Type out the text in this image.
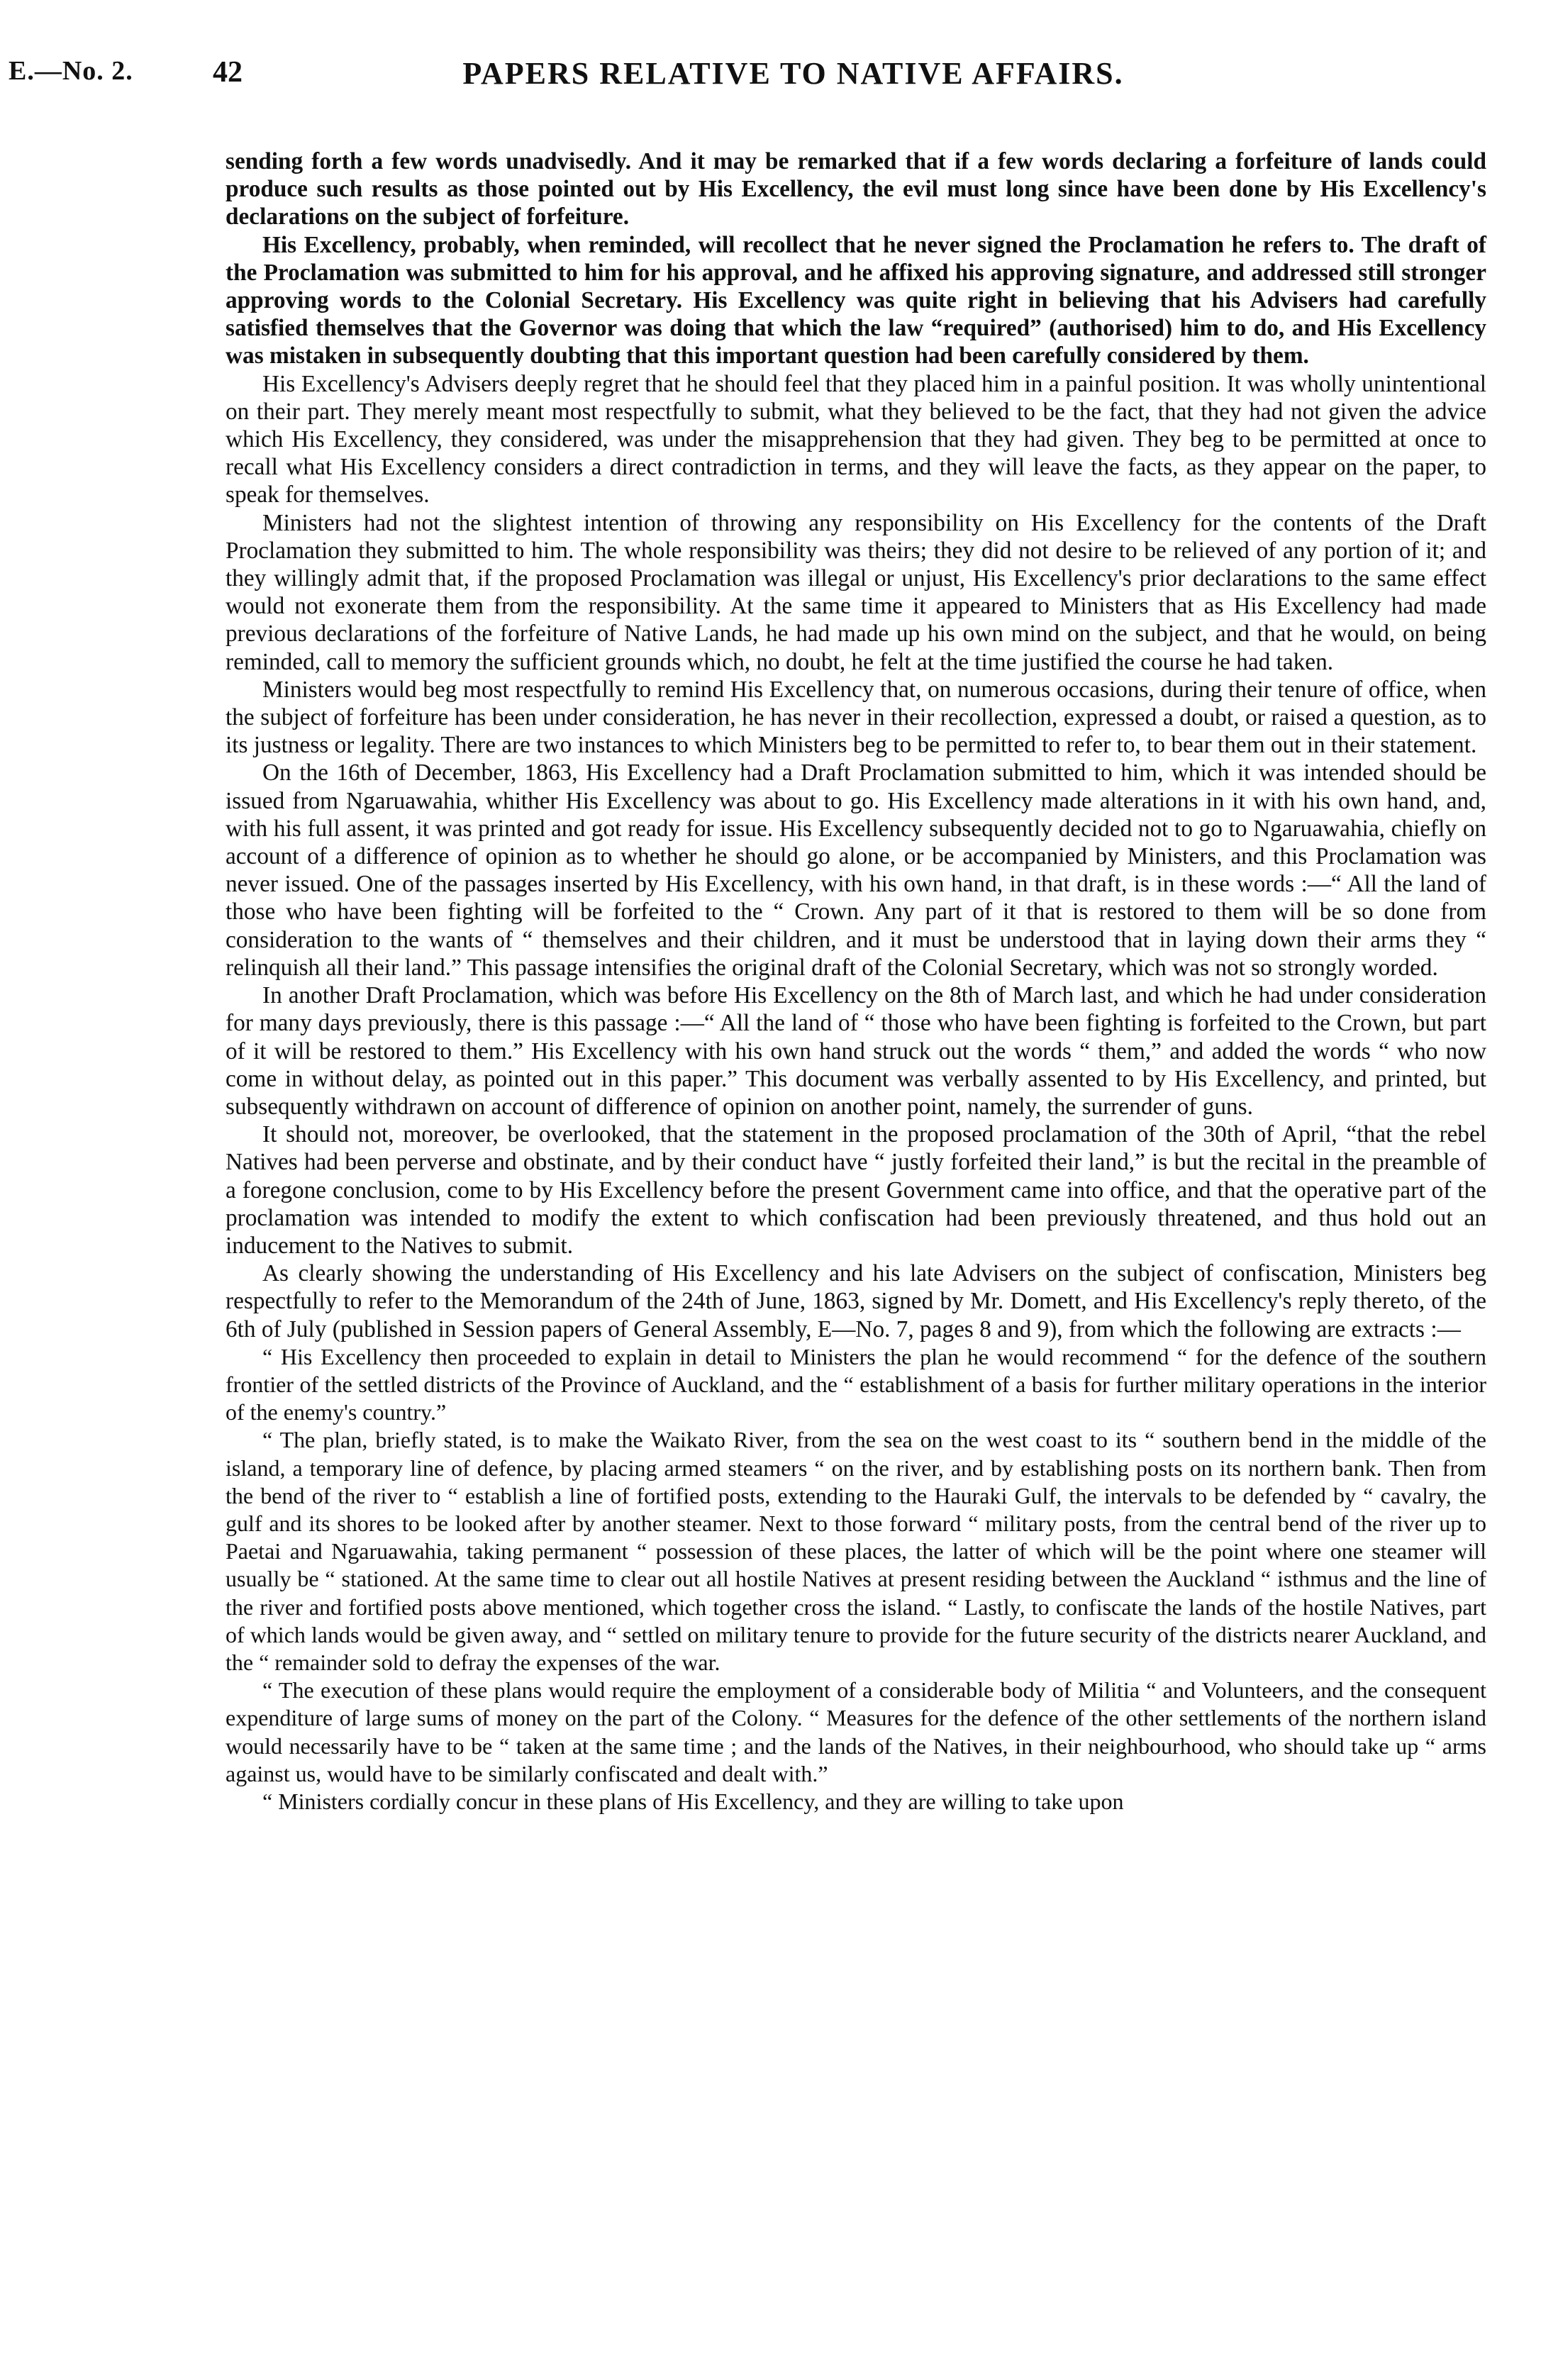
E.—No. 2.	42	PAPERS RELATIVE TO NATIVE AFFAIRS.

sending forth a few words unadvisedly. And it may be remarked that if a few words declaring a forfeiture of lands could produce such results as those pointed out by His Excellency, the evil must long since have been done by His Excellency's declarations on the subject of forfeiture.

His Excellency, probably, when reminded, will recollect that he never signed the Proclamation he refers to. The draft of the Proclamation was submitted to him for his approval, and he affixed his approving signature, and addressed still stronger approving words to the Colonial Secretary. His Excellency was quite right in believing that his Advisers had carefully satisfied themselves that the Governor was doing that which the law “required” (authorised) him to do, and His Excellency was mistaken in subsequently doubting that this important question had been carefully considered by them.

His Excellency's Advisers deeply regret that he should feel that they placed him in a painful position. It was wholly unintentional on their part. They merely meant most respectfully to submit, what they believed to be the fact, that they had not given the advice which His Excellency, they considered, was under the misapprehension that they had given. They beg to be permitted at once to recall what His Excellency considers a direct contradiction in terms, and they will leave the facts, as they appear on the paper, to speak for themselves.

Ministers had not the slightest intention of throwing any responsibility on His Excellency for the contents of the Draft Proclamation they submitted to him. The whole responsibility was theirs; they did not desire to be relieved of any portion of it; and they willingly admit that, if the proposed Proclamation was illegal or unjust, His Excellency's prior declarations to the same effect would not exonerate them from the responsibility. At the same time it appeared to Ministers that as His Excellency had made previous declarations of the forfeiture of Native Lands, he had made up his own mind on the subject, and that he would, on being reminded, call to memory the sufficient grounds which, no doubt, he felt at the time justified the course he had taken.

Ministers would beg most respectfully to remind His Excellency that, on numerous occasions, during their tenure of office, when the subject of forfeiture has been under consideration, he has never in their recollection, expressed a doubt, or raised a question, as to its justness or legality. There are two instances to which Ministers beg to be permitted to refer to, to bear them out in their statement.

On the 16th of December, 1863, His Excellency had a Draft Proclamation submitted to him, which it was intended should be issued from Ngaruawahia, whither His Excellency was about to go. His Excellency made alterations in it with his own hand, and, with his full assent, it was printed and got ready for issue. His Excellency subsequently decided not to go to Ngaruawahia, chiefly on account of a difference of opinion as to whether he should go alone, or be accompanied by Ministers, and this Proclamation was never issued. One of the passages inserted by His Excellency, with his own hand, in that draft, is in these words :—“ All the land of those who have been fighting will be forfeited to the “ Crown. Any part of it that is restored to them will be so done from consideration to the wants of “ themselves and their children, and it must be understood that in laying down their arms they “ relinquish all their land.” This passage intensifies the original draft of the Colonial Secretary, which was not so strongly worded.

In another Draft Proclamation, which was before His Excellency on the 8th of March last, and which he had under consideration for many days previously, there is this passage :—“ All the land of “ those who have been fighting is forfeited to the Crown, but part of it will be restored to them.” His Excellency with his own hand struck out the words “ them,” and added the words “ who now come in without delay, as pointed out in this paper.” This document was verbally assented to by His Excellency, and printed, but subsequently withdrawn on account of difference of opinion on another point, namely, the surrender of guns.

It should not, moreover, be overlooked, that the statement in the proposed proclamation of the 30th of April, “that the rebel Natives had been perverse and obstinate, and by their conduct have “ justly forfeited their land,” is but the recital in the preamble of a foregone conclusion, come to by His Excellency before the present Government came into office, and that the operative part of the proclamation was intended to modify the extent to which confiscation had been previously threatened, and thus hold out an inducement to the Natives to submit.

As clearly showing the understanding of His Excellency and his late Advisers on the subject of confiscation, Ministers beg respectfully to refer to the Memorandum of the 24th of June, 1863, signed by Mr. Domett, and His Excellency's reply thereto, of the 6th of July (published in Session papers of General Assembly, E—No. 7, pages 8 and 9), from which the following are extracts :—

“ His Excellency then proceeded to explain in detail to Ministers the plan he would recommend “ for the defence of the southern frontier of the settled districts of the Province of Auckland, and the “ establishment of a basis for further military operations in the interior of the enemy's country.”

“ The plan, briefly stated, is to make the Waikato River, from the sea on the west coast to its “ southern bend in the middle of the island, a temporary line of defence, by placing armed steamers “ on the river, and by establishing posts on its northern bank. Then from the bend of the river to “ establish a line of fortified posts, extending to the Hauraki Gulf, the intervals to be defended by “ cavalry, the gulf and its shores to be looked after by another steamer. Next to those forward “ military posts, from the central bend of the river up to Paetai and Ngaruawahia, taking permanent “ possession of these places, the latter of which will be the point where one steamer will usually be “ stationed. At the same time to clear out all hostile Natives at present residing between the Auckland “ isthmus and the line of the river and fortified posts above mentioned, which together cross the island. “ Lastly, to confiscate the lands of the hostile Natives, part of which lands would be given away, and “ settled on military tenure to provide for the future security of the districts nearer Auckland, and the “ remainder sold to defray the expenses of the war.

“ The execution of these plans would require the employment of a considerable body of Militia “ and Volunteers, and the consequent expenditure of large sums of money on the part of the Colony. “ Measures for the defence of the other settlements of the northern island would necessarily have to be “ taken at the same time ; and the lands of the Natives, in their neighbourhood, who should take up “ arms against us, would have to be similarly confiscated and dealt with.”

“ Ministers cordially concur in these plans of His Excellency, and they are willing to take upon
